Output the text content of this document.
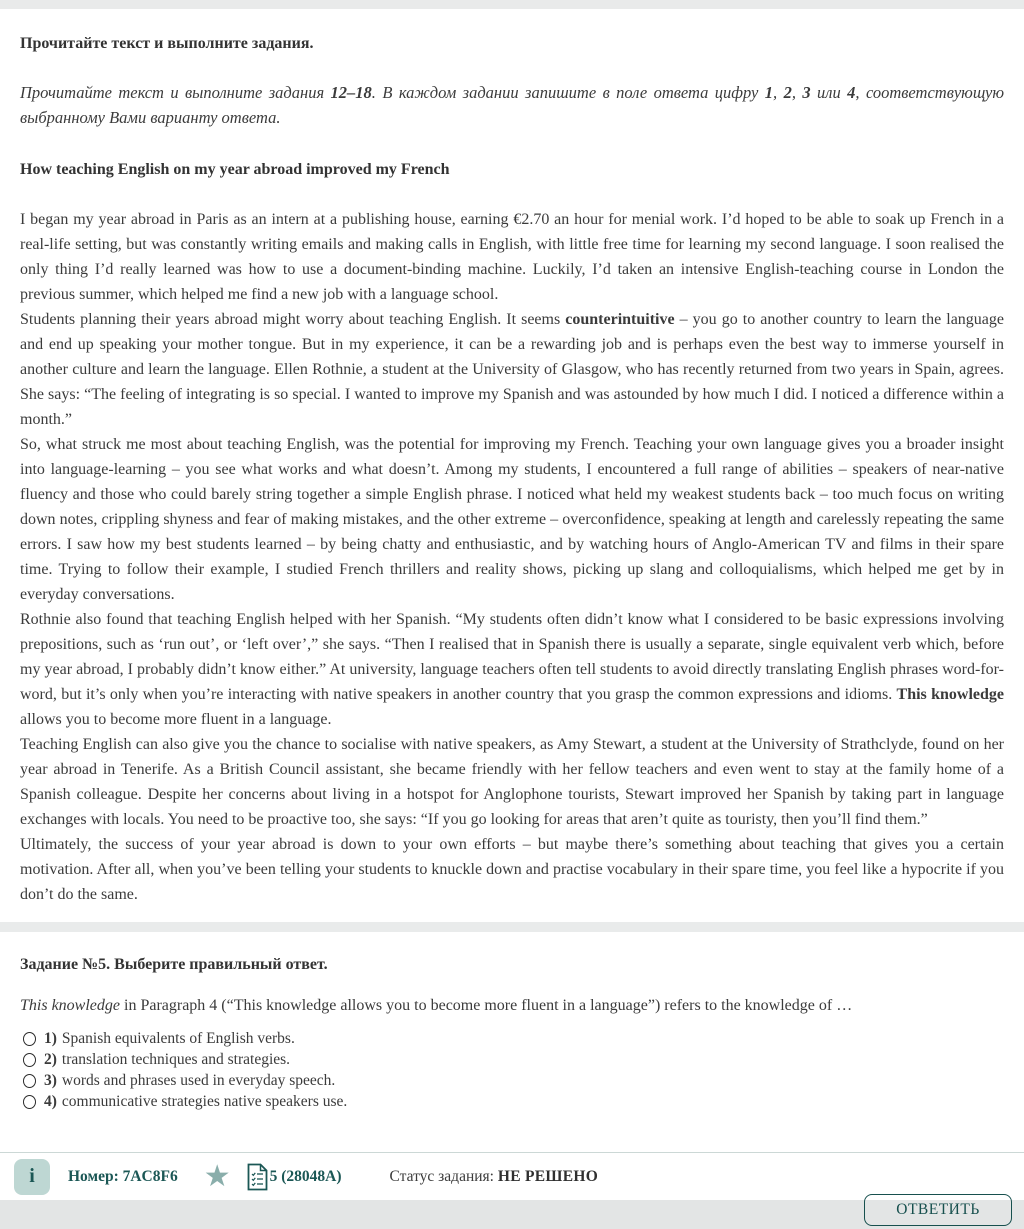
Прочитайте текст и выполните задания.

Прочитайте текст и выполните задания 12–18. В каждом задании запишите в поле ответа цифру 1, 2, 3 или 4, соответствующую выбранному Вами варианту ответа.

How teaching English on my year abroad improved my French

I began my year abroad in Paris as an intern at a publishing house, earning €2.70 an hour for menial work. I’d hoped to be able to soak up French in a real-life setting, but was constantly writing emails and making calls in English, with little free time for learning my second language. I soon realised the only thing I’d really learned was how to use a document-binding machine. Luckily, I’d taken an intensive English-teaching course in London the previous summer, which helped me find a new job with a language school.

Students planning their years abroad might worry about teaching English. It seems counterintuitive – you go to another country to learn the language and end up speaking your mother tongue. But in my experience, it can be a rewarding job and is perhaps even the best way to immerse yourself in another culture and learn the language. Ellen Rothnie, a student at the University of Glasgow, who has recently returned from two years in Spain, agrees. She says: “The feeling of integrating is so special. I wanted to improve my Spanish and was astounded by how much I did. I noticed a difference within a month.”

So, what struck me most about teaching English, was the potential for improving my French. Teaching your own language gives you a broader insight into language-learning – you see what works and what doesn’t. Among my students, I encountered a full range of abilities – speakers of near-native fluency and those who could barely string together a simple English phrase. I noticed what held my weakest students back – too much focus on writing down notes, crippling shyness and fear of making mistakes, and the other extreme – overconfidence, speaking at length and carelessly repeating the same errors. I saw how my best students learned – by being chatty and enthusiastic, and by watching hours of Anglo-American TV and films in their spare time. Trying to follow their example, I studied French thrillers and reality shows, picking up slang and colloquialisms, which helped me get by in everyday conversations.

Rothnie also found that teaching English helped with her Spanish. “My students often didn’t know what I considered to be basic expressions involving prepositions, such as ‘run out’, or ‘left over’,” she says. “Then I realised that in Spanish there is usually a separate, single equivalent verb which, before my year abroad, I probably didn’t know either.” At university, language teachers often tell students to avoid directly translating English phrases word-for-word, but it’s only when you’re interacting with native speakers in another country that you grasp the common expressions and idioms. This knowledge allows you to become more fluent in a language.

Teaching English can also give you the chance to socialise with native speakers, as Amy Stewart, a student at the University of Strathclyde, found on her year abroad in Tenerife. As a British Council assistant, she became friendly with her fellow teachers and even went to stay at the family home of a Spanish colleague. Despite her concerns about living in a hotspot for Anglophone tourists, Stewart improved her Spanish by taking part in language exchanges with locals. You need to be proactive too, she says: “If you go looking for areas that aren’t quite as touristy, then you’ll find them.”

Ultimately, the success of your year abroad is down to your own efforts – but maybe there’s something about teaching that gives you a certain motivation. After all, when you’ve been telling your students to knuckle down and practise vocabulary in their spare time, you feel like a hypocrite if you don’t do the same.

Задание №5. Выберите правильный ответ.

This knowledge in Paragraph 4 (“This knowledge allows you to become more fluent in a language”) refers to the knowledge of …

1) Spanish equivalents of English verbs.
2) translation techniques and strategies.
3) words and phrases used in everyday speech.
4) communicative strategies native speakers use.
i Номер: 7AC8F6 ★	5 (28048A)	Статус задания: НЕ РЕШЕНО
ОТВЕТИТЬ
